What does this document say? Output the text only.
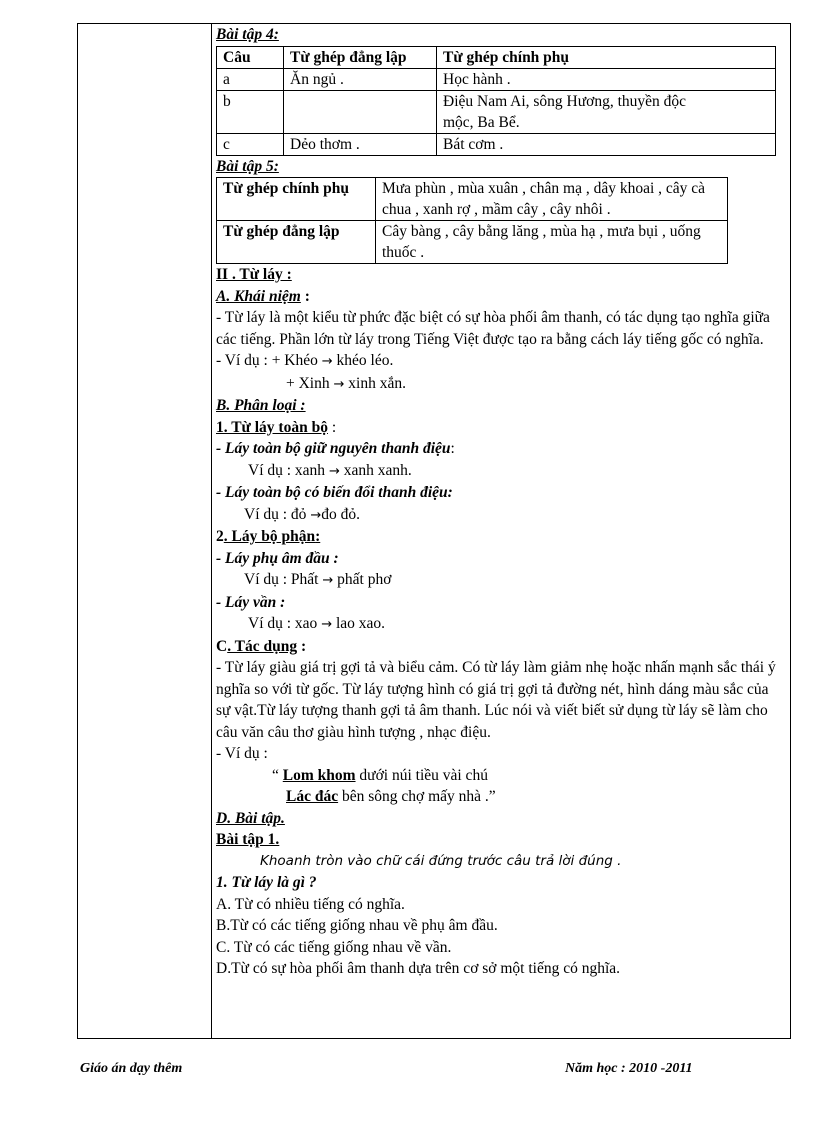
Bài tập 4:
Câu	Từ ghép đẳng lập	Từ ghép chính phụ
a	Ăn ngủ .	Học hành .
b		Điệu Nam Ai, sông Hương, thuyền độc mộc, Ba Bể.
c	Dẻo thơm .	Bát cơm .
Bài tập 5:
Từ ghép chính phụ	Mưa phùn , mùa xuân , chân mạ , dây khoai , cây cà chua , xanh rợ , mầm cây , cây nhôi .
Từ ghép đẳng lập	Cây bàng , cây bằng lăng , mùa hạ , mưa bụi , uống thuốc .
II . Từ láy :
A. Khái niệm :
- Từ láy là một kiểu từ phức đặc biệt có sự hòa phối âm thanh, có tác dụng tạo nghĩa giữa các tiếng. Phần lớn từ láy trong Tiếng Việt được tạo ra bằng cách láy tiếng gốc có nghĩa.
- Ví dụ : + Khéo → khéo léo.
+ Xinh → xinh xắn.
B. Phân loại :
1. Từ láy toàn bộ :
- Láy toàn bộ giữ nguyên thanh điệu:
Ví dụ : xanh → xanh xanh.
- Láy toàn bộ có biến đổi thanh điệu:
Ví dụ : đỏ →đo đỏ.
2. Láy bộ phận:
- Láy phụ âm đầu :
Ví dụ : Phất → phất phơ
- Láy vần :
Ví dụ : xao → lao xao.
C. Tác dụng :
- Từ láy giàu giá trị gợi tả và biểu cảm. Có từ láy làm giảm nhẹ hoặc nhấn mạnh sắc thái ý nghĩa so với từ gốc. Từ láy tượng hình có giá trị gợi tả đường nét, hình dáng màu sắc của sự vật.Từ láy tượng thanh gợi tả âm thanh. Lúc nói và viết biết sử dụng từ láy sẽ làm cho câu văn câu thơ giàu hình tượng , nhạc điệu.
- Ví dụ :
“ Lom khom dưới núi tiều vài chú
Lác đác bên sông chợ mấy nhà .”
D. Bài tập.
Bài tập 1.
Khoanh tròn vào chữ cái đứng trước câu trả lời đúng .
1. Từ láy là gì ?
A. Từ có nhiều tiếng có nghĩa.
B.Từ có các tiếng giống nhau về phụ âm đầu.
C. Từ có các tiếng giống nhau về vần.
D.Từ có sự hòa phối âm thanh dựa trên cơ sở một tiếng có nghĩa.
Giáo án dạy thêm	Năm học : 2010 -2011
